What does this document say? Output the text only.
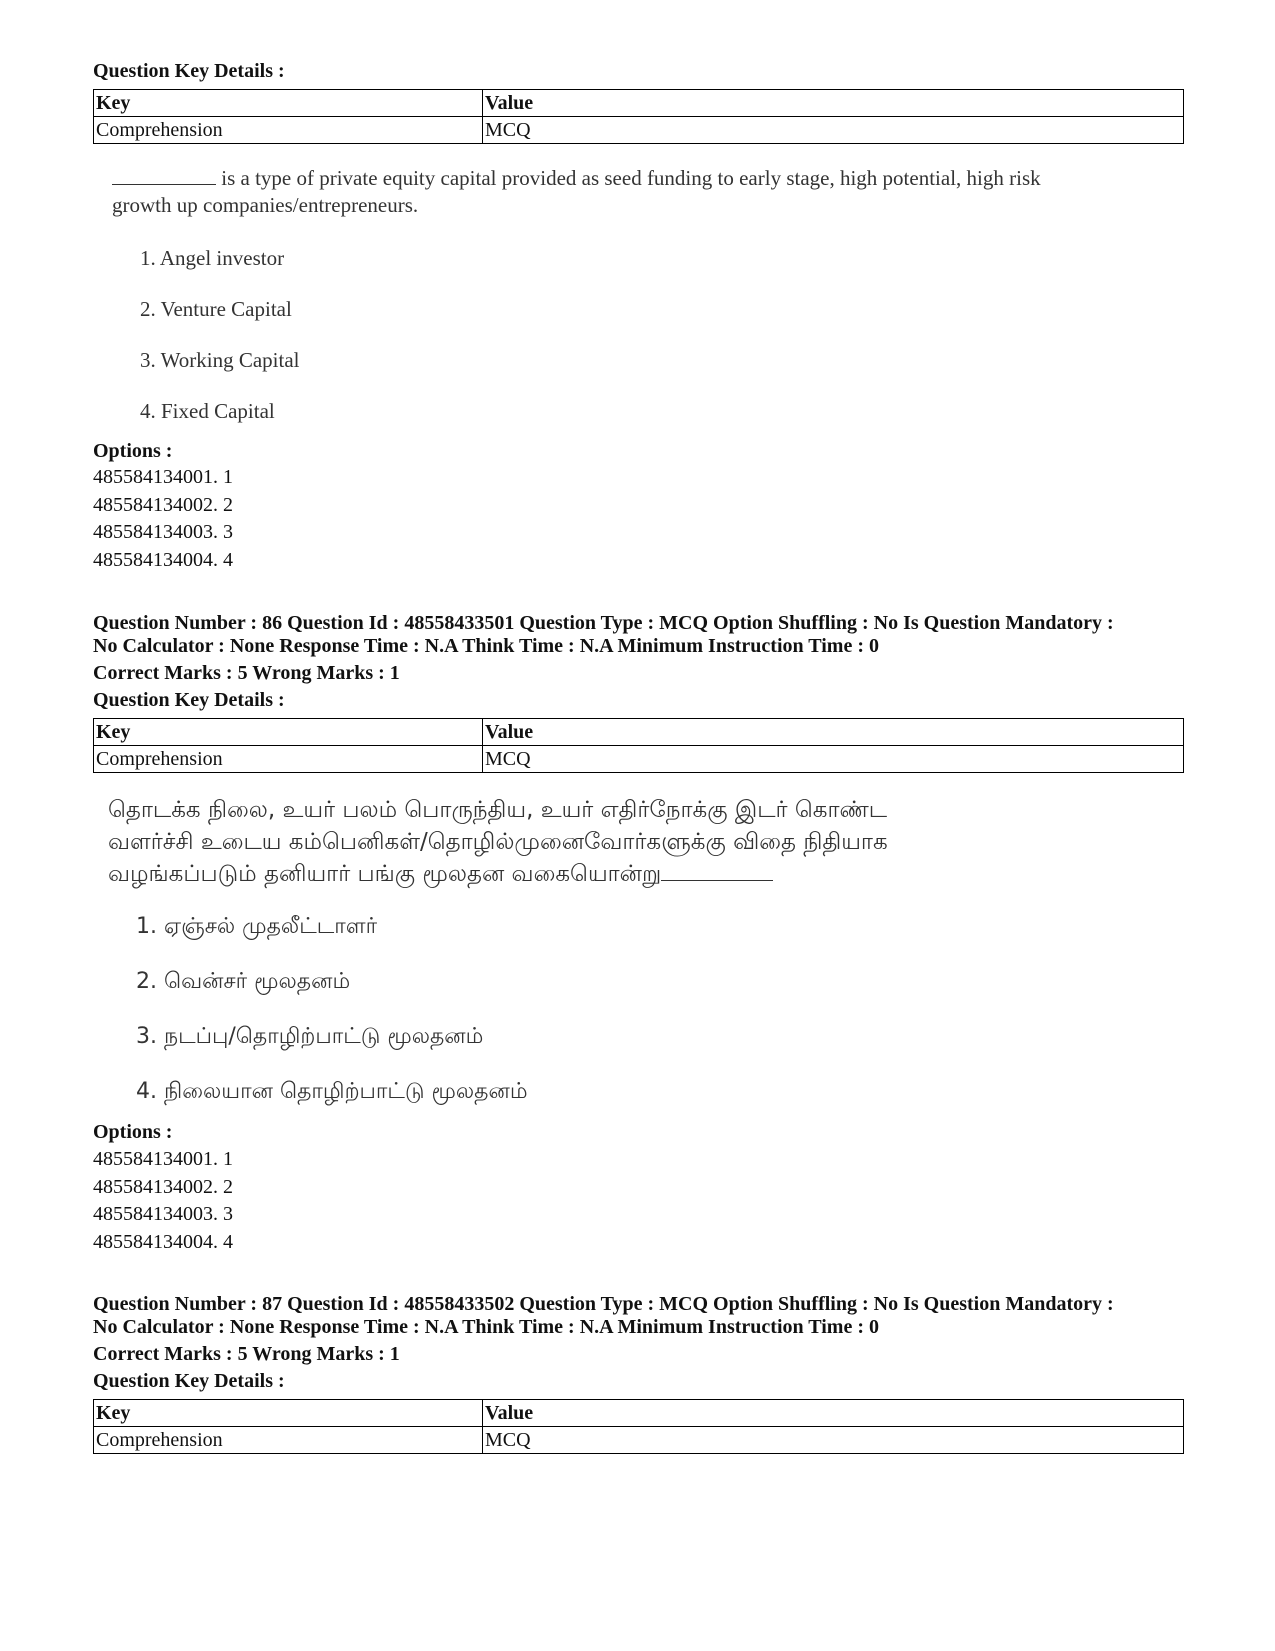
Question Key Details :
Key	Value
Comprehension	MCQ
is a type of private equity capital provided as seed funding to early stage, high potential, high risk
growth up companies/entrepreneurs.
1. Angel investor
2. Venture Capital
3. Working Capital
4. Fixed Capital
Options :
485584134001. 1
485584134002. 2
485584134003. 3
485584134004. 4
Question Number : 86 Question Id : 48558433501 Question Type : MCQ Option Shuffling : No Is Question Mandatory :
No Calculator : None Response Time : N.A Think Time : N.A Minimum Instruction Time : 0
Correct Marks : 5 Wrong Marks : 1
Question Key Details :
Key	Value
Comprehension	MCQ
தொடக்க நிலை, உயர் பலம் பொருந்திய, உயர் எதிர்நோக்கு இடர் கொண்ட
வளர்ச்சி உடைய கம்பெனிகள்/தொழில்முனைவோர்களுக்கு விதை நிதியாக
வழங்கப்படும் தனியார் பங்கு மூலதன வகையொன்று
1. ஏஞ்சல் முதலீட்டாளர்
2. வென்சர் மூலதனம்
3. நடப்பு/தொழிற்பாட்டு மூலதனம்
4. நிலையான தொழிற்பாட்டு மூலதனம்
Options :
485584134001. 1
485584134002. 2
485584134003. 3
485584134004. 4
Question Number : 87 Question Id : 48558433502 Question Type : MCQ Option Shuffling : No Is Question Mandatory :
No Calculator : None Response Time : N.A Think Time : N.A Minimum Instruction Time : 0
Correct Marks : 5 Wrong Marks : 1
Question Key Details :
Key	Value
Comprehension	MCQ
